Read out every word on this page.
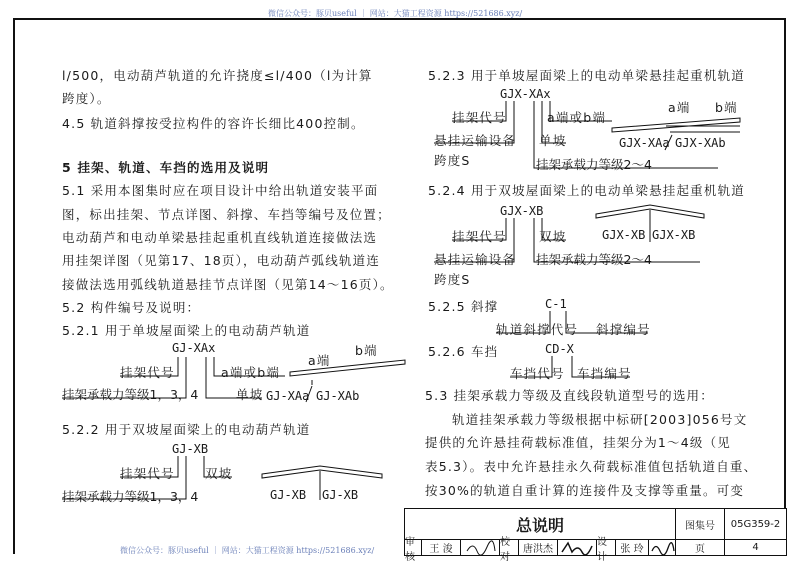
微信公众号：豚贝useful ｜ 网站：大猫工程资源 https://521686.xyz/
l/500，电动葫芦轨道的允许挠度≤l/400（l为计算
跨度）。
4.5 轨道斜撑按受拉构件的容许长细比400控制。
5 挂架、轨道、车挡的选用及说明
5.1 采用本图集时应在项目设计中给出轨道安装平面
图，标出挂架、节点详图、斜撑、车挡等编号及位置；
电动葫芦和电动单梁悬挂起重机直线轨道连接做法选
用挂架详图（见第17、18页），电动葫芦弧线轨道连
接做法选用弧线轨道悬挂节点详图（见第14～16页）。
5.2 构件编号及说明：
5.2.1 用于单坡屋面梁上的电动葫芦轨道
GJ-XAx
挂架代号	a端或b端
单坡
挂架承载力等级1，3，4
a端
b端
GJ-XAa GJ-XAb
5.2.2 用于双坡屋面梁上的电动葫芦轨道
GJ-XB
挂架代号 双坡
挂架承载力等级1，3，4	GJ-XB GJ-XB
5.2.3 用于单坡屋面梁上的电动单梁悬挂起重机轨道
GJX-XAx
挂架代号	a端或b端
悬挂运输设备 单坡
跨度S	挂架承载力等级2～4
a端 b端
GJX-XAa GJX-XAb
5.2.4 用于双坡屋面梁上的电动单梁悬挂起重机轨道
GJX-XB
挂架代号	双坡
悬挂运输设备 挂架承载力等级2～4
跨度S
GJX-XB GJX-XB
5.2.5 斜撑	C-1
轨道斜撑代号 斜撑编号
5.2.6 车挡	CD-X
车挡代号 车挡编号
5.3 挂架承载力等级及直线段轨道型号的选用：
轨道挂架承载力等级根据中标研[2003]056号文
提供的允许悬挂荷载标准值，挂架分为1～4级（见
表5.3）。表中允许悬挂永久荷载标准值包括轨道自重、
按30%的轨道自重计算的连接件及支撑等重量。可变
总说明	图集号	05G359-2
审核
王 浚
校对
唐洪杰
设计
张 玲	页	4
微信公众号：豚贝useful ｜ 网站：大猫工程资源 https://521686.xyz/
